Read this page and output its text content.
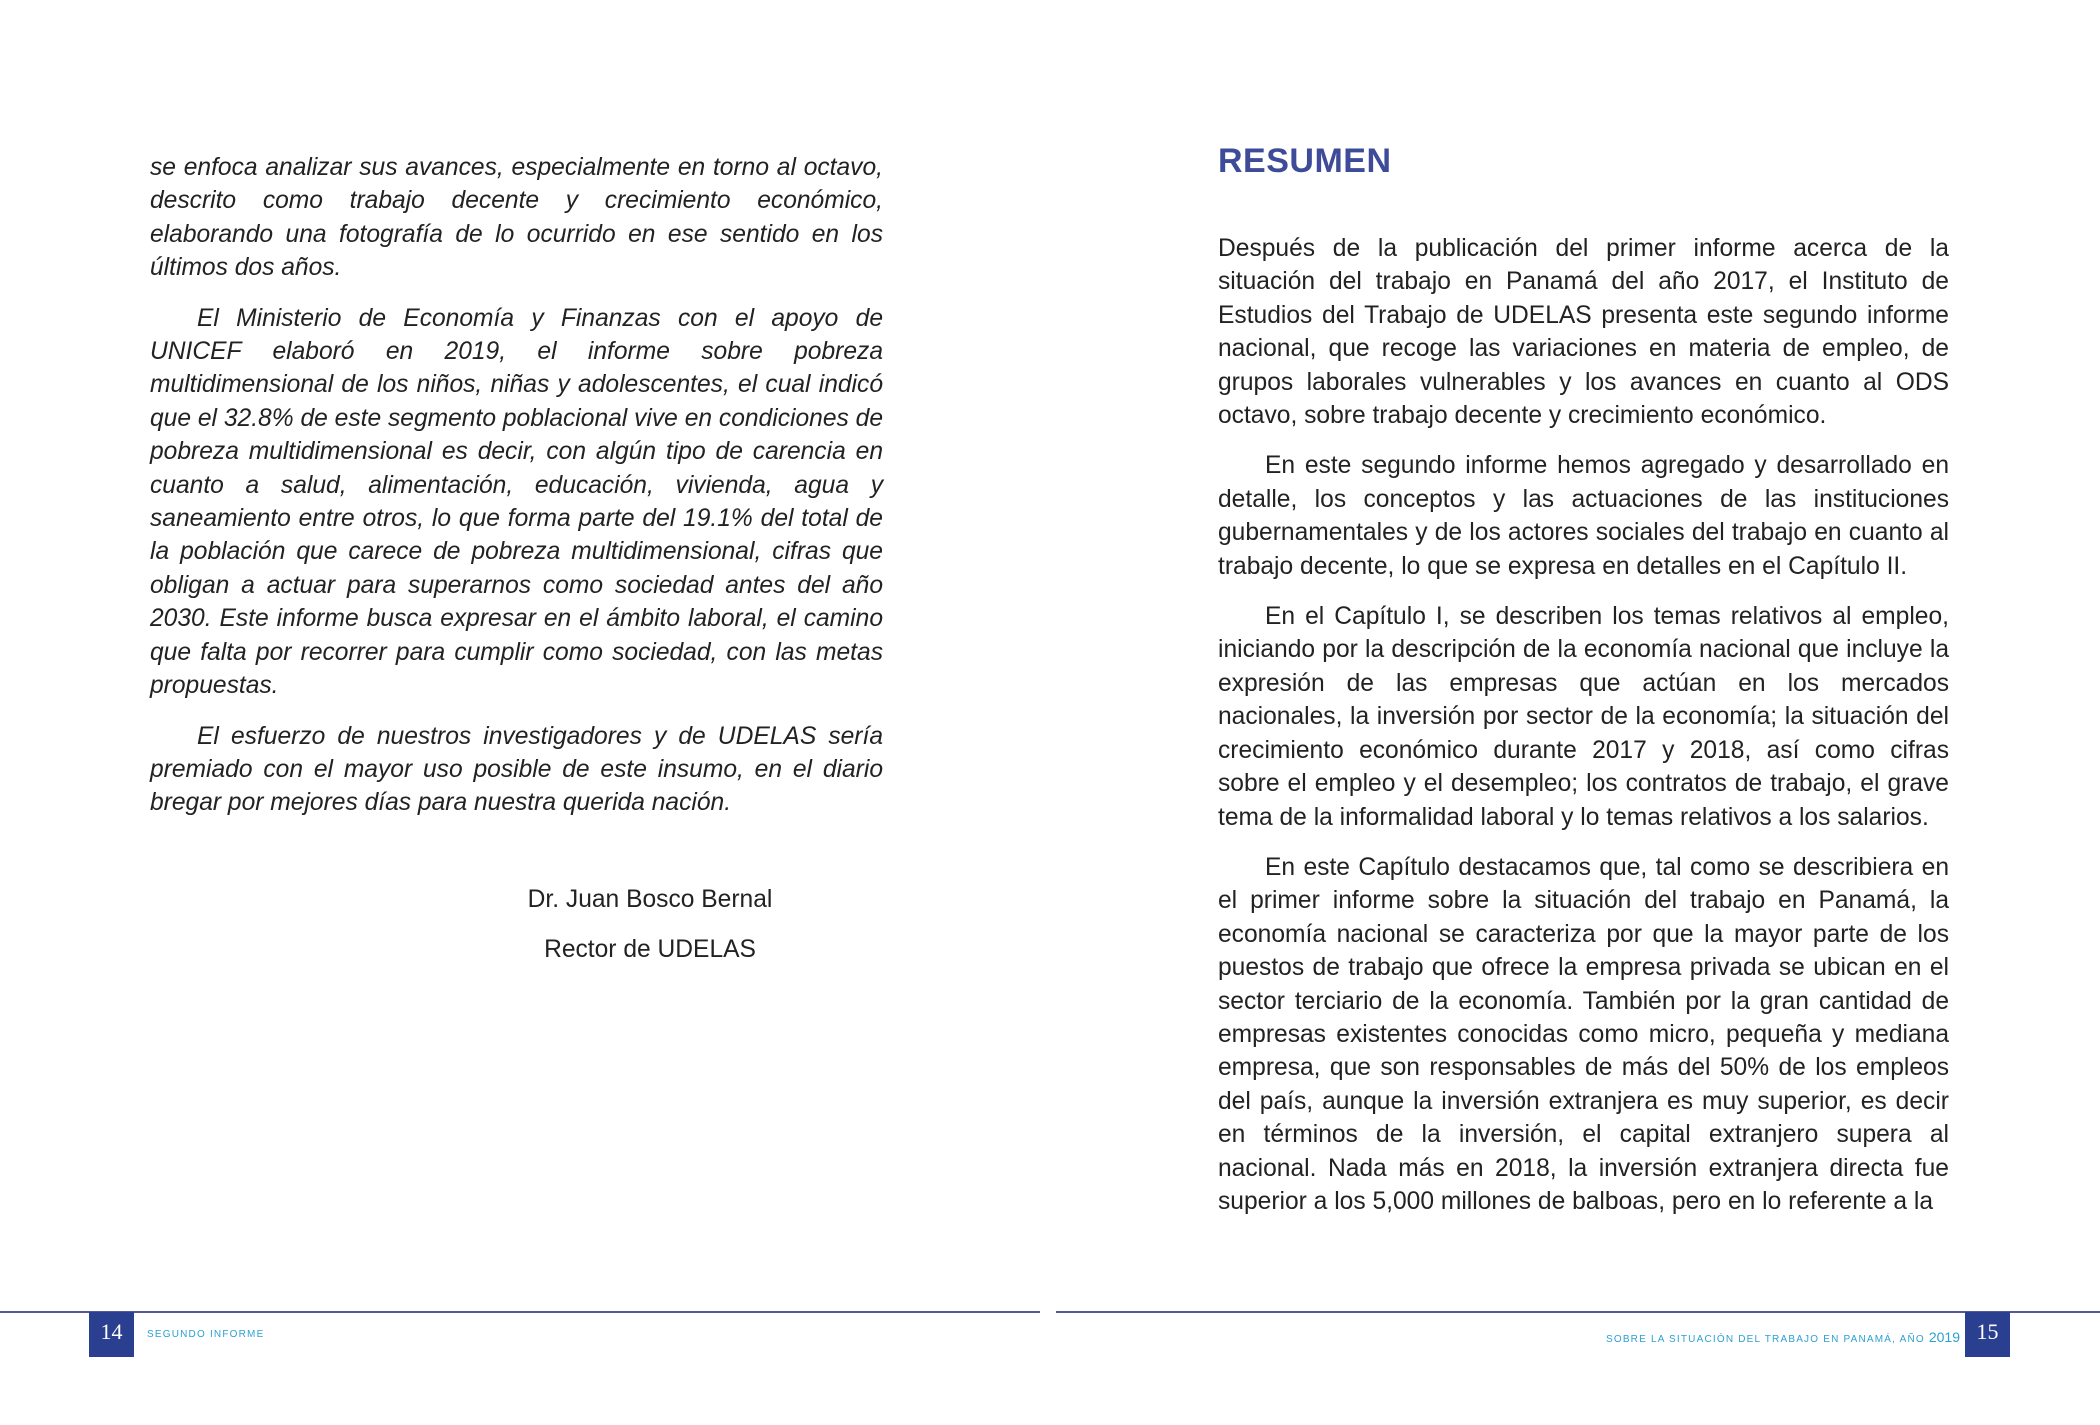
se enfoca analizar sus avances, especialmente en torno al octavo, descrito como trabajo decente y crecimiento económico, elaborando una fotografía de lo ocurrido en ese sentido en los últimos dos años.

El Ministerio de Economía y Finanzas con el apoyo de UNICEF elaboró en 2019, el informe sobre pobreza multidimensional de los niños, niñas y adolescentes, el cual indicó que el 32.8% de este segmento poblacional vive en condiciones de pobreza multidimensional es decir, con algún tipo de carencia en cuanto a salud, alimentación, educación, vivienda, agua y saneamiento entre otros, lo que forma parte del 19.1% del total de la población que carece de pobreza multidimensional, cifras que obligan a actuar para superarnos como sociedad antes del año 2030. Este informe busca expresar en el ámbito laboral, el camino que falta por recorrer para cumplir como sociedad, con las metas propuestas.

El esfuerzo de nuestros investigadores y de UDELAS sería premiado con el mayor uso posible de este insumo, en el diario bregar por mejores días para nuestra querida nación.

Dr. Juan Bosco Bernal
Rector de UDELAS
14	SEGUNDO INFORME
RESUMEN

Después de la publicación del primer informe acerca de la situación del trabajo en Panamá del año 2017, el Instituto de Estudios del Trabajo de UDELAS presenta este segundo informe nacional, que recoge las variaciones en materia de empleo, de grupos laborales vulnerables y los avances en cuanto al ODS octavo, sobre trabajo decente y crecimiento económico.

En este segundo informe hemos agregado y desarrollado en detalle, los conceptos y las actuaciones de las instituciones gubernamentales y de los actores sociales del trabajo en cuanto al trabajo decente, lo que se expresa en detalles en el Capítulo II.

En el Capítulo I, se describen los temas relativos al empleo, iniciando por la descripción de la economía nacional que incluye la expresión de las empresas que actúan en los mercados nacionales, la inversión por sector de la economía; la situación del crecimiento económico durante 2017 y 2018, así como cifras sobre el empleo y el desempleo; los contratos de trabajo, el grave tema de la informalidad laboral y lo temas relativos a los salarios.

En este Capítulo destacamos que, tal como se describiera en el primer informe sobre la situación del trabajo en Panamá, la economía nacional se caracteriza por que la mayor parte de los puestos de trabajo que ofrece la empresa privada se ubican en el sector terciario de la economía. También por la gran cantidad de empresas existentes conocidas como micro, pequeña y mediana empresa, que son responsables de más del 50% de los empleos del país, aunque la inversión extranjera es muy superior, es decir en términos de la inversión, el capital extranjero supera al nacional. Nada más en 2018, la inversión extranjera directa fue superior a los 5,000 millones de balboas, pero en lo referente a la

SOBRE LA SITUACIÓN DEL TRABAJO EN PANAMÁ, AÑO 2019 15
